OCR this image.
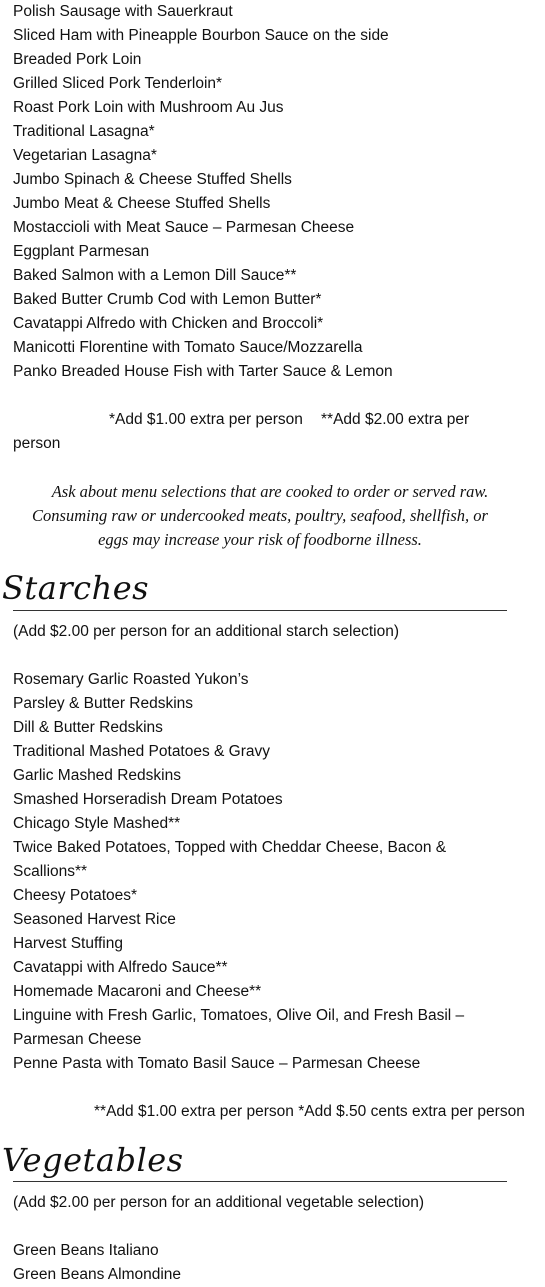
Polish Sausage with Sauerkraut
Sliced Ham with Pineapple Bourbon Sauce on the side
Breaded Pork Loin
Grilled Sliced Pork Tenderloin*
Roast Pork Loin with Mushroom Au Jus
Traditional Lasagna*
Vegetarian Lasagna*
Jumbo Spinach & Cheese Stuffed Shells
Jumbo Meat & Cheese Stuffed Shells
Mostaccioli with Meat Sauce – Parmesan Cheese
Eggplant Parmesan
Baked Salmon with a Lemon Dill Sauce**
Baked Butter Crumb Cod with Lemon Butter*
Cavatappi Alfredo with Chicken and Broccoli*
Manicotti Florentine with Tomato Sauce/Mozzarella
Panko Breaded House Fish with Tarter Sauce & Lemon
*Add $1.00 extra per person **Add $2.00 extra per
person
Ask about menu selections that are cooked to order or served raw.
Consuming raw or undercooked meats, poultry, seafood, shellfish, or
eggs may increase your risk of foodborne illness.
Starches
(Add $2.00 per person for an additional starch selection)
Rosemary Garlic Roasted Yukon’s
Parsley & Butter Redskins
Dill & Butter Redskins
Traditional Mashed Potatoes & Gravy
Garlic Mashed Redskins
Smashed Horseradish Dream Potatoes
Chicago Style Mashed**
Twice Baked Potatoes, Topped with Cheddar Cheese, Bacon &
Scallions**
Cheesy Potatoes*
Seasoned Harvest Rice
Harvest Stuffing
Cavatappi with Alfredo Sauce**
Homemade Macaroni and Cheese**
Linguine with Fresh Garlic, Tomatoes, Olive Oil, and Fresh Basil –
Parmesan Cheese
Penne Pasta with Tomato Basil Sauce – Parmesan Cheese
**Add $1.00 extra per person *Add $.50 cents extra per person
Vegetables
(Add $2.00 per person for an additional vegetable selection)
Green Beans Italiano
Green Beans Almondine
